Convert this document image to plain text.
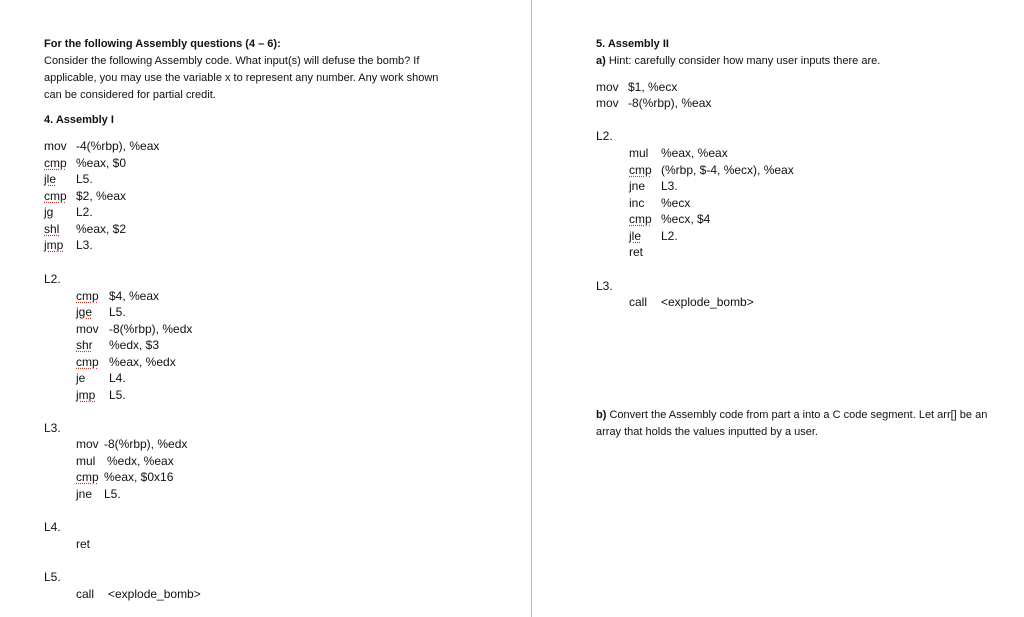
For the following Assembly questions (4 – 6):
Consider the following Assembly code. What input(s) will defuse the bomb? If
applicable, you may use the variable x to represent any number. Any work shown
can be considered for partial credit.
4. Assembly I
mov -4(%rbp), %eax
cmp %eax, $0
jle L5.
cmp $2, %eax
jg L2.
shl %eax, $2
jmp L3.
L2.
cmp $4, %eax
jge L5.
mov -8(%rbp), %edx
shr %edx, $3
cmp %eax, %edx
je L4.
jmp L5.
L3.
mov -8(%rbp), %edx
mul %edx, %eax
cmp %eax, $0x16
jne L5.
L4.
ret
L5.
call <explode_bomb>
5. Assembly II
a) Hint: carefully consider how many user inputs there are.
mov $1, %ecx
mov -8(%rbp), %eax
L2.
mul %eax, %eax
cmp (%rbp, $-4, %ecx), %eax
jne L3.
inc %ecx
cmp %ecx, $4
jle L2.
ret
L3.
call <explode_bomb>
b) Convert the Assembly code from part a into a C code segment. Let arr[] be an
array that holds the values inputted by a user.
